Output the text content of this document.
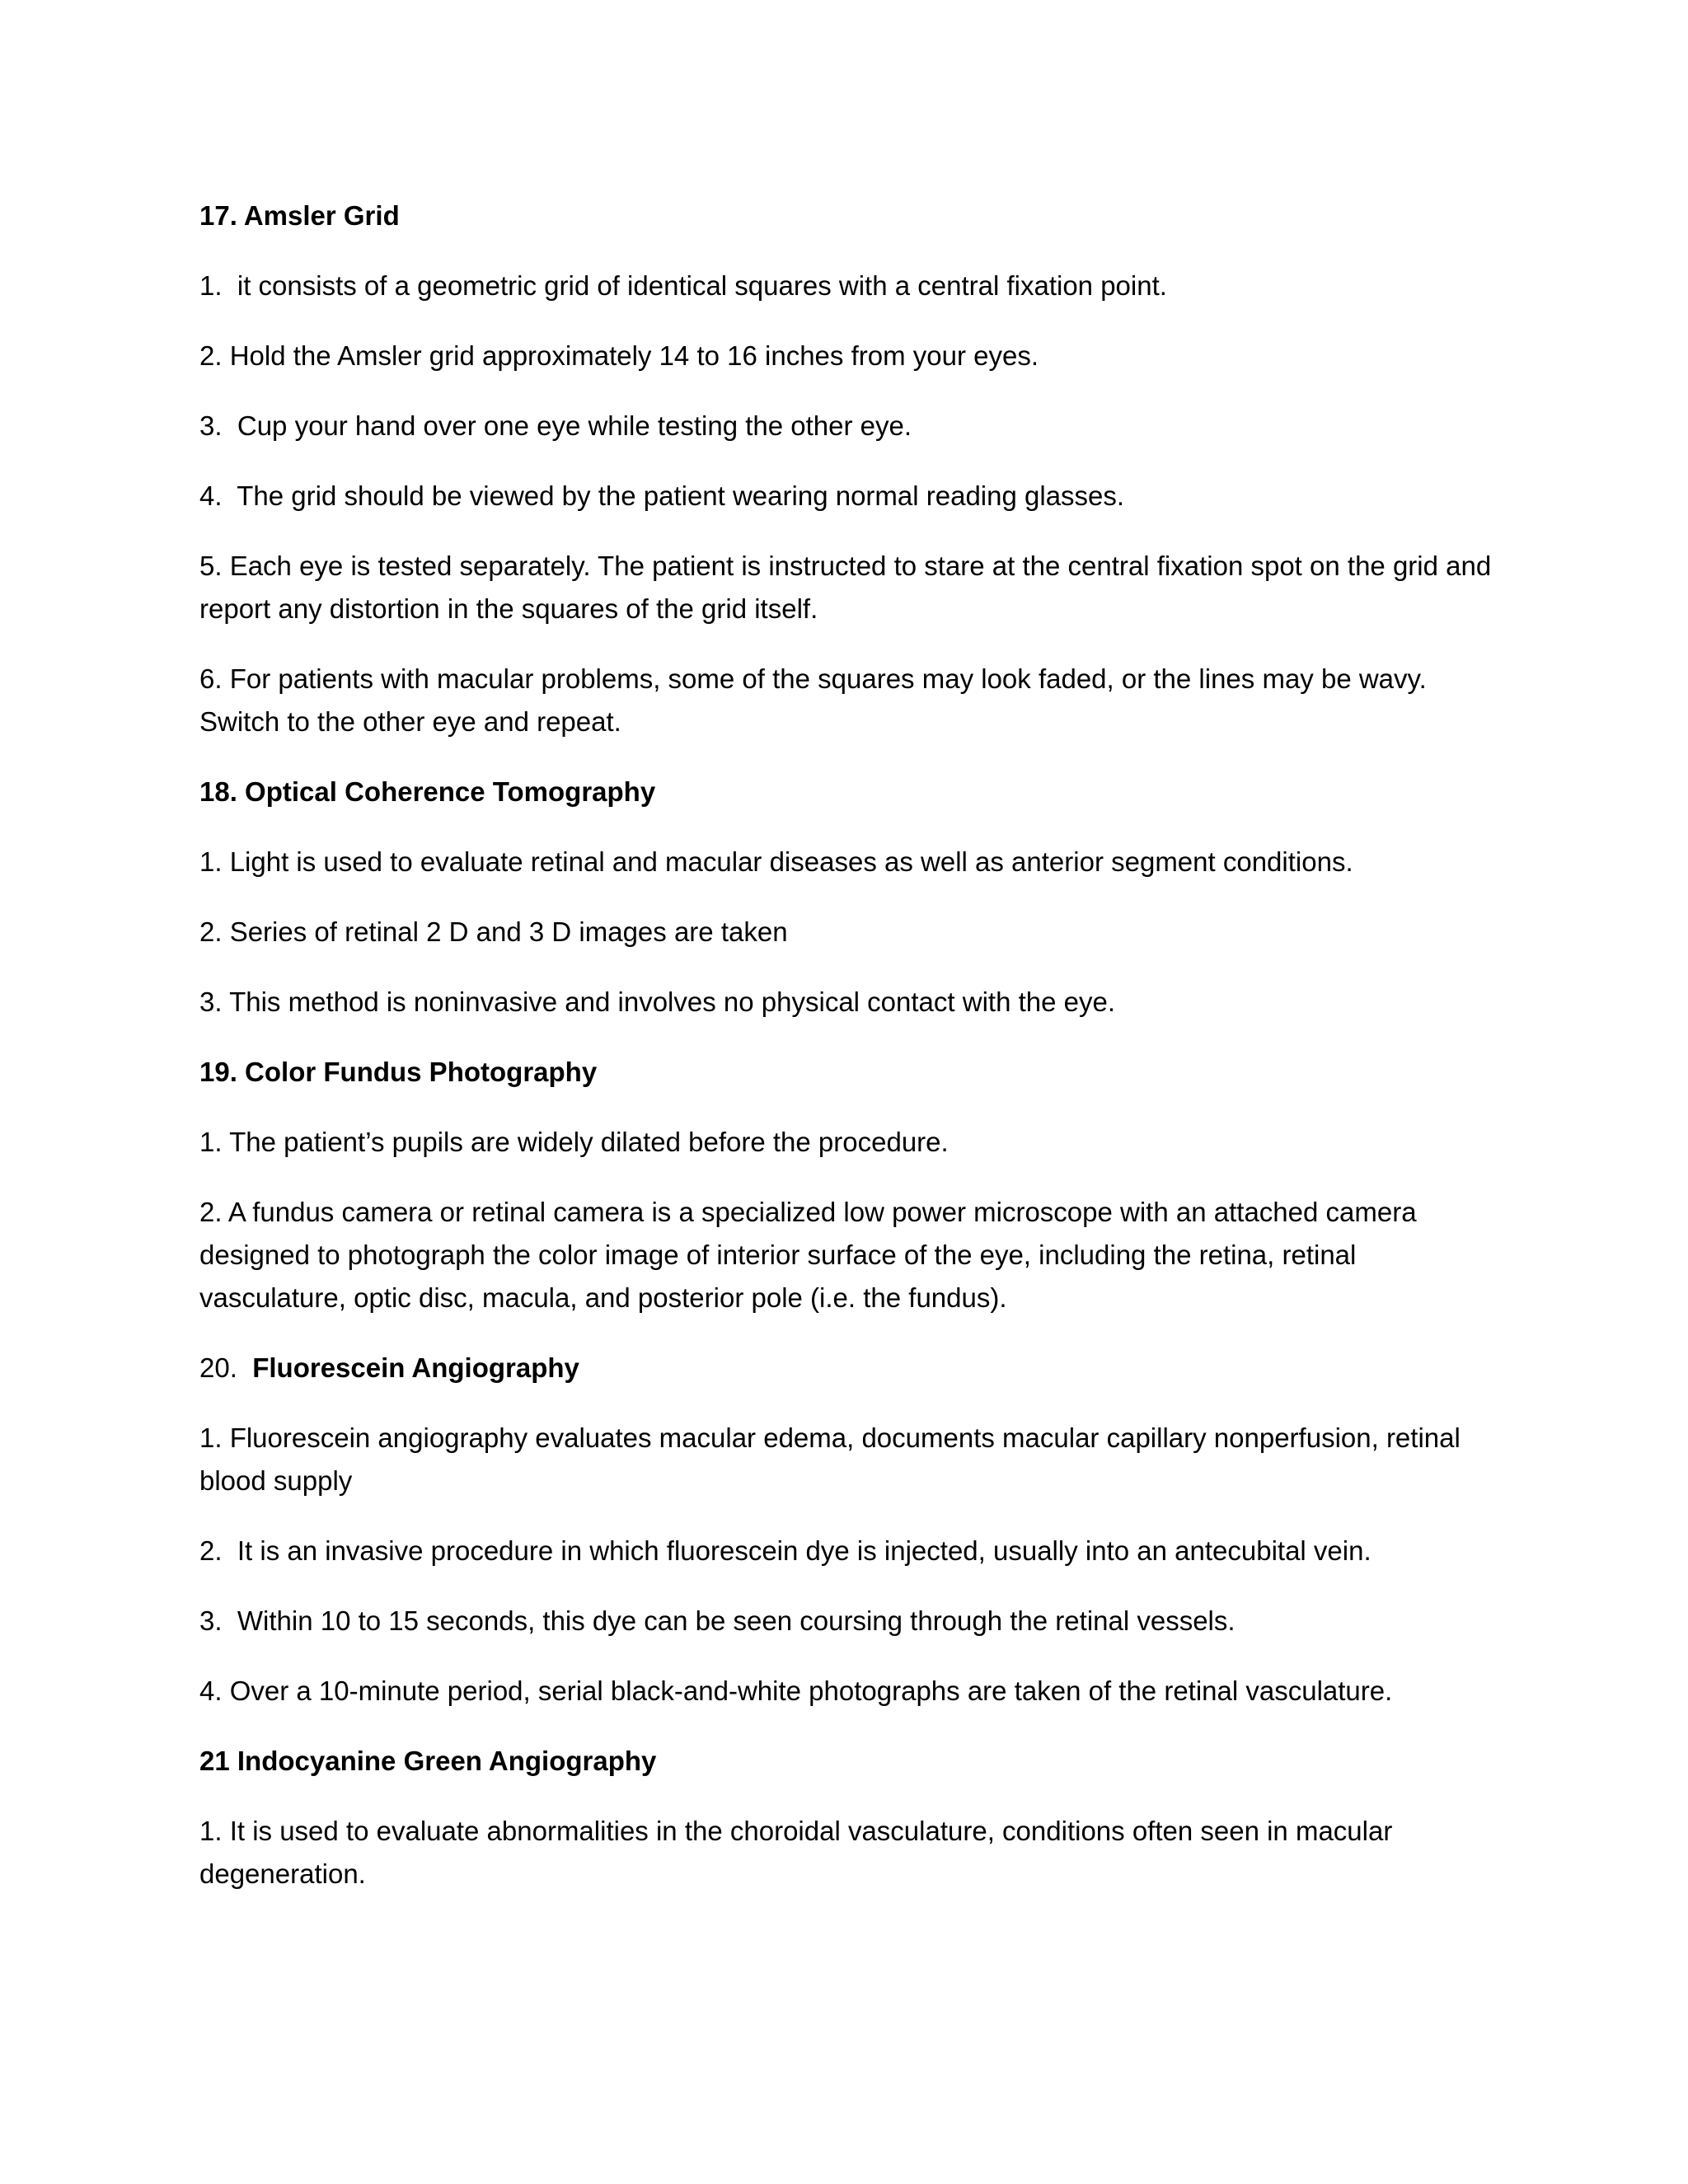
17. Amsler Grid

1.  it consists of a geometric grid of identical squares with a central fixation point.

2. Hold the Amsler grid approximately 14 to 16 inches from your eyes.

3.  Cup your hand over one eye while testing the other eye.

4.  The grid should be viewed by the patient wearing normal reading glasses.

5. Each eye is tested separately. The patient is instructed to stare at the central fixation spot on the grid and report any distortion in the squares of the grid itself.

6. For patients with macular problems, some of the squares may look faded, or the lines may be wavy. Switch to the other eye and repeat.

18. Optical Coherence Tomography

1. Light is used to evaluate retinal and macular diseases as well as anterior segment conditions.

2. Series of retinal 2 D and 3 D images are taken

3. This method is noninvasive and involves no physical contact with the eye.

19. Color Fundus Photography

1. The patient’s pupils are widely dilated before the procedure.

2. A fundus camera or retinal camera is a specialized low power microscope with an attached camera designed to photograph the color image of interior surface of the eye, including the retina, retinal vasculature, optic disc, macula, and posterior pole (i.e. the fundus).

20.  Fluorescein Angiography

1. Fluorescein angiography evaluates macular edema, documents macular capillary nonperfusion, retinal blood supply

2.  It is an invasive procedure in which fluorescein dye is injected, usually into an antecubital vein.

3.  Within 10 to 15 seconds, this dye can be seen coursing through the retinal vessels.

4. Over a 10-minute period, serial black-and-white photographs are taken of the retinal vasculature.

21 Indocyanine Green Angiography

1. It is used to evaluate abnormalities in the choroidal vasculature, conditions often seen in macular degeneration.
